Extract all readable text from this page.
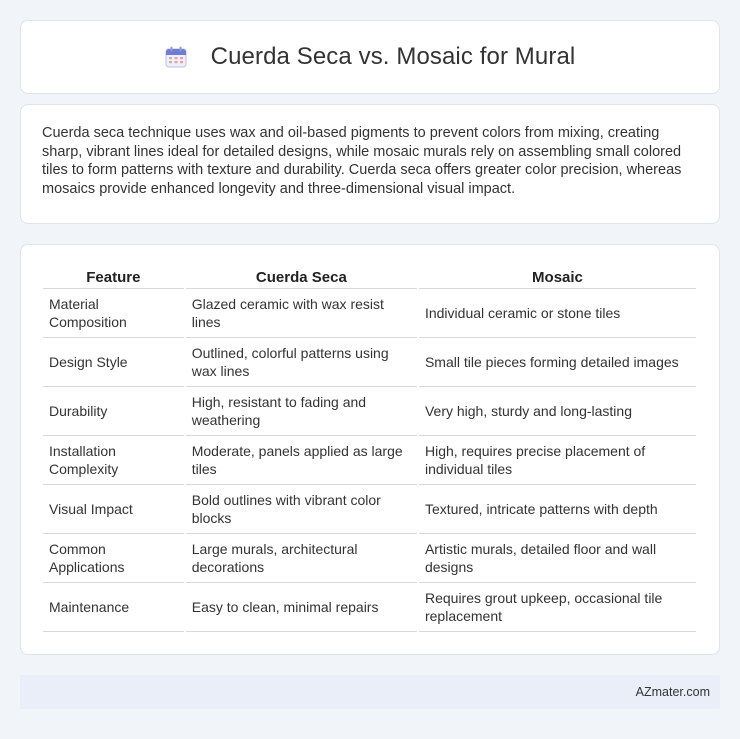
Cuerda Seca vs. Mosaic for Mural

Cuerda seca technique uses wax and oil-based pigments to prevent colors from mixing, creating sharp, vibrant lines ideal for detailed designs, while mosaic murals rely on assembling small colored tiles to form patterns with texture and durability. Cuerda seca offers greater color precision, whereas mosaics provide enhanced longevity and three-dimensional visual impact.

Feature	Cuerda Seca	Mosaic
Material Composition	Glazed ceramic with wax resist lines	Individual ceramic or stone tiles
Design Style	Outlined, colorful patterns using wax lines	Small tile pieces forming detailed images
Durability	High, resistant to fading and weathering	Very high, sturdy and long-lasting
Installation Complexity	Moderate, panels applied as large tiles	High, requires precise placement of individual tiles
Visual Impact	Bold outlines with vibrant color blocks	Textured, intricate patterns with depth
Common Applications	Large murals, architectural decorations	Artistic murals, detailed floor and wall designs
Maintenance	Easy to clean, minimal repairs	Requires grout upkeep, occasional tile replacement
AZmater.com
